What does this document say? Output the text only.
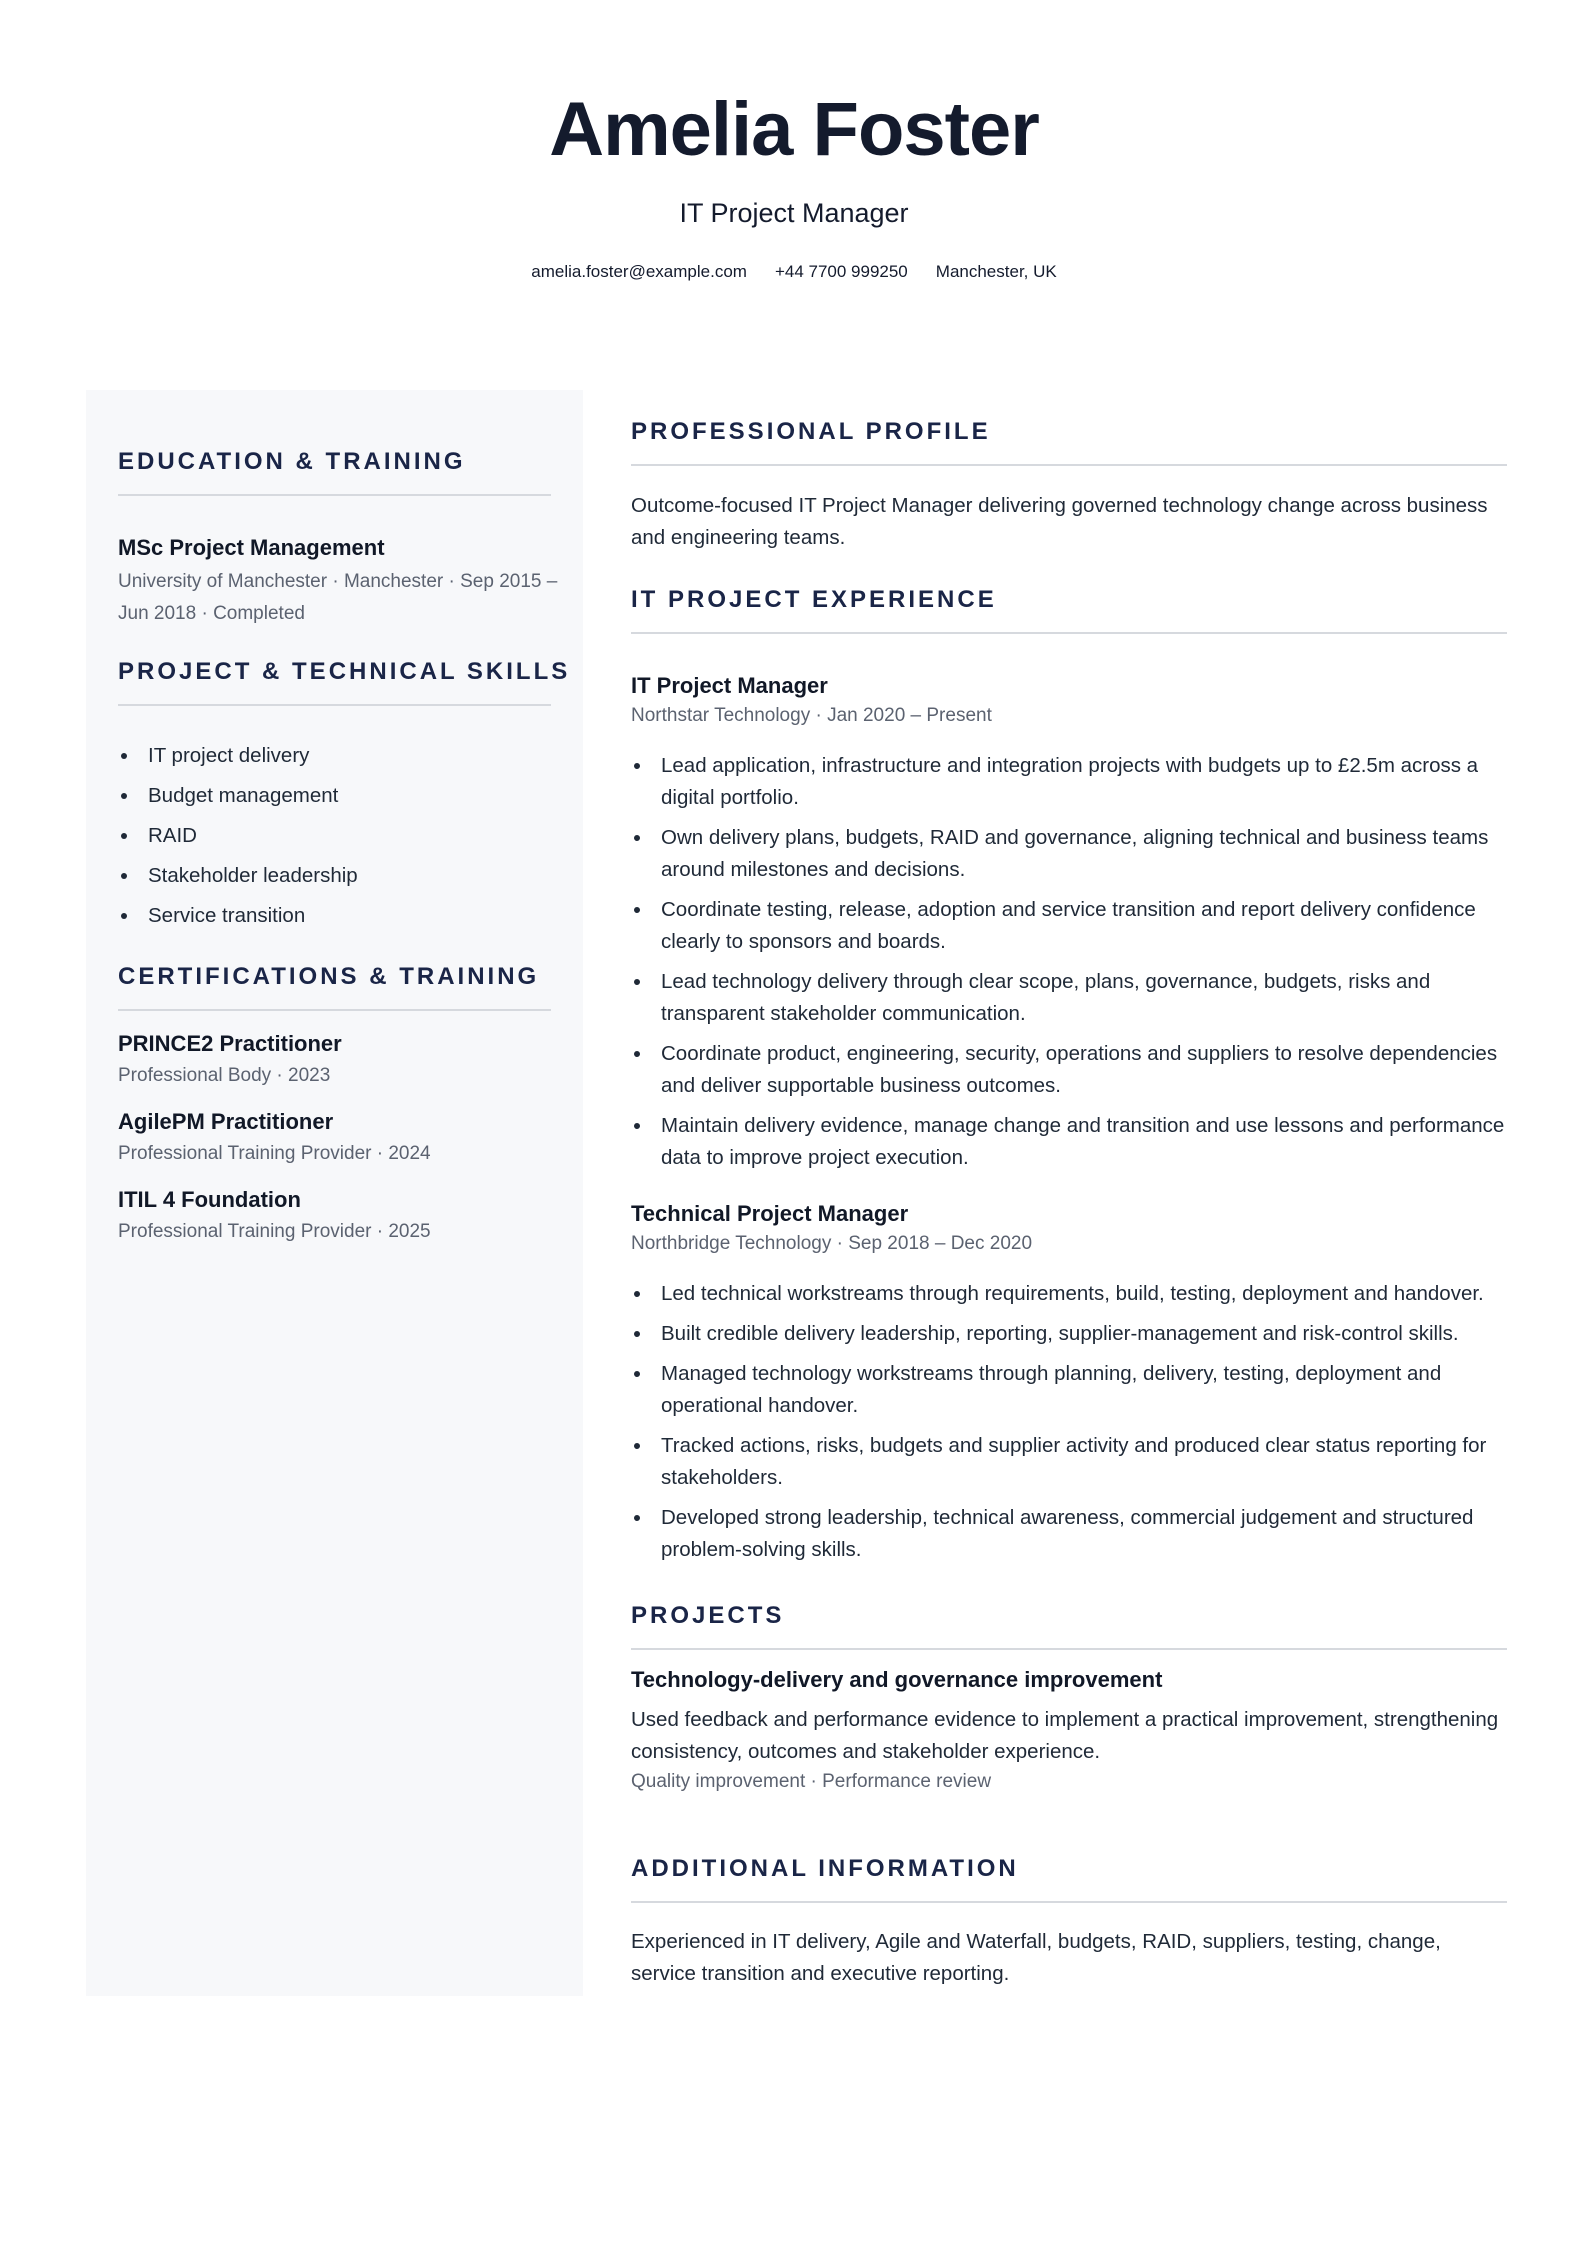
Amelia Foster
IT Project Manager
amelia.foster@example.com +44 7700 999250 Manchester, UK
EDUCATION & TRAINING
MSc Project Management
University of Manchester · Manchester · Sep 2015 – Jun 2018 · Completed
PROJECT & TECHNICAL SKILLS
IT project delivery
Budget management
RAID
Stakeholder leadership
Service transition
CERTIFICATIONS & TRAINING
PRINCE2 Practitioner
Professional Body · 2023
AgilePM Practitioner
Professional Training Provider · 2024
ITIL 4 Foundation
Professional Training Provider · 2025
PROFESSIONAL PROFILE
Outcome-focused IT Project Manager delivering governed technology change across business and engineering teams.
IT PROJECT EXPERIENCE
IT Project Manager
Northstar Technology · Jan 2020 – Present
Lead application, infrastructure and integration projects with budgets up to £2.5m across a digital portfolio.
Own delivery plans, budgets, RAID and governance, aligning technical and business teams around milestones and decisions.
Coordinate testing, release, adoption and service transition and report delivery confidence clearly to sponsors and boards.
Lead technology delivery through clear scope, plans, governance, budgets, risks and transparent stakeholder communication.
Coordinate product, engineering, security, operations and suppliers to resolve dependencies and deliver supportable business outcomes.
Maintain delivery evidence, manage change and transition and use lessons and performance data to improve project execution.
Technical Project Manager
Northbridge Technology · Sep 2018 – Dec 2020
Led technical workstreams through requirements, build, testing, deployment and handover.
Built credible delivery leadership, reporting, supplier-management and risk-control skills.
Managed technology workstreams through planning, delivery, testing, deployment and operational handover.
Tracked actions, risks, budgets and supplier activity and produced clear status reporting for stakeholders.
Developed strong leadership, technical awareness, commercial judgement and structured problem-solving skills.
PROJECTS
Technology-delivery and governance improvement
Used feedback and performance evidence to implement a practical improvement, strengthening consistency, outcomes and stakeholder experience.
Quality improvement · Performance review
ADDITIONAL INFORMATION
Experienced in IT delivery, Agile and Waterfall, budgets, RAID, suppliers, testing, change, service transition and executive reporting.
